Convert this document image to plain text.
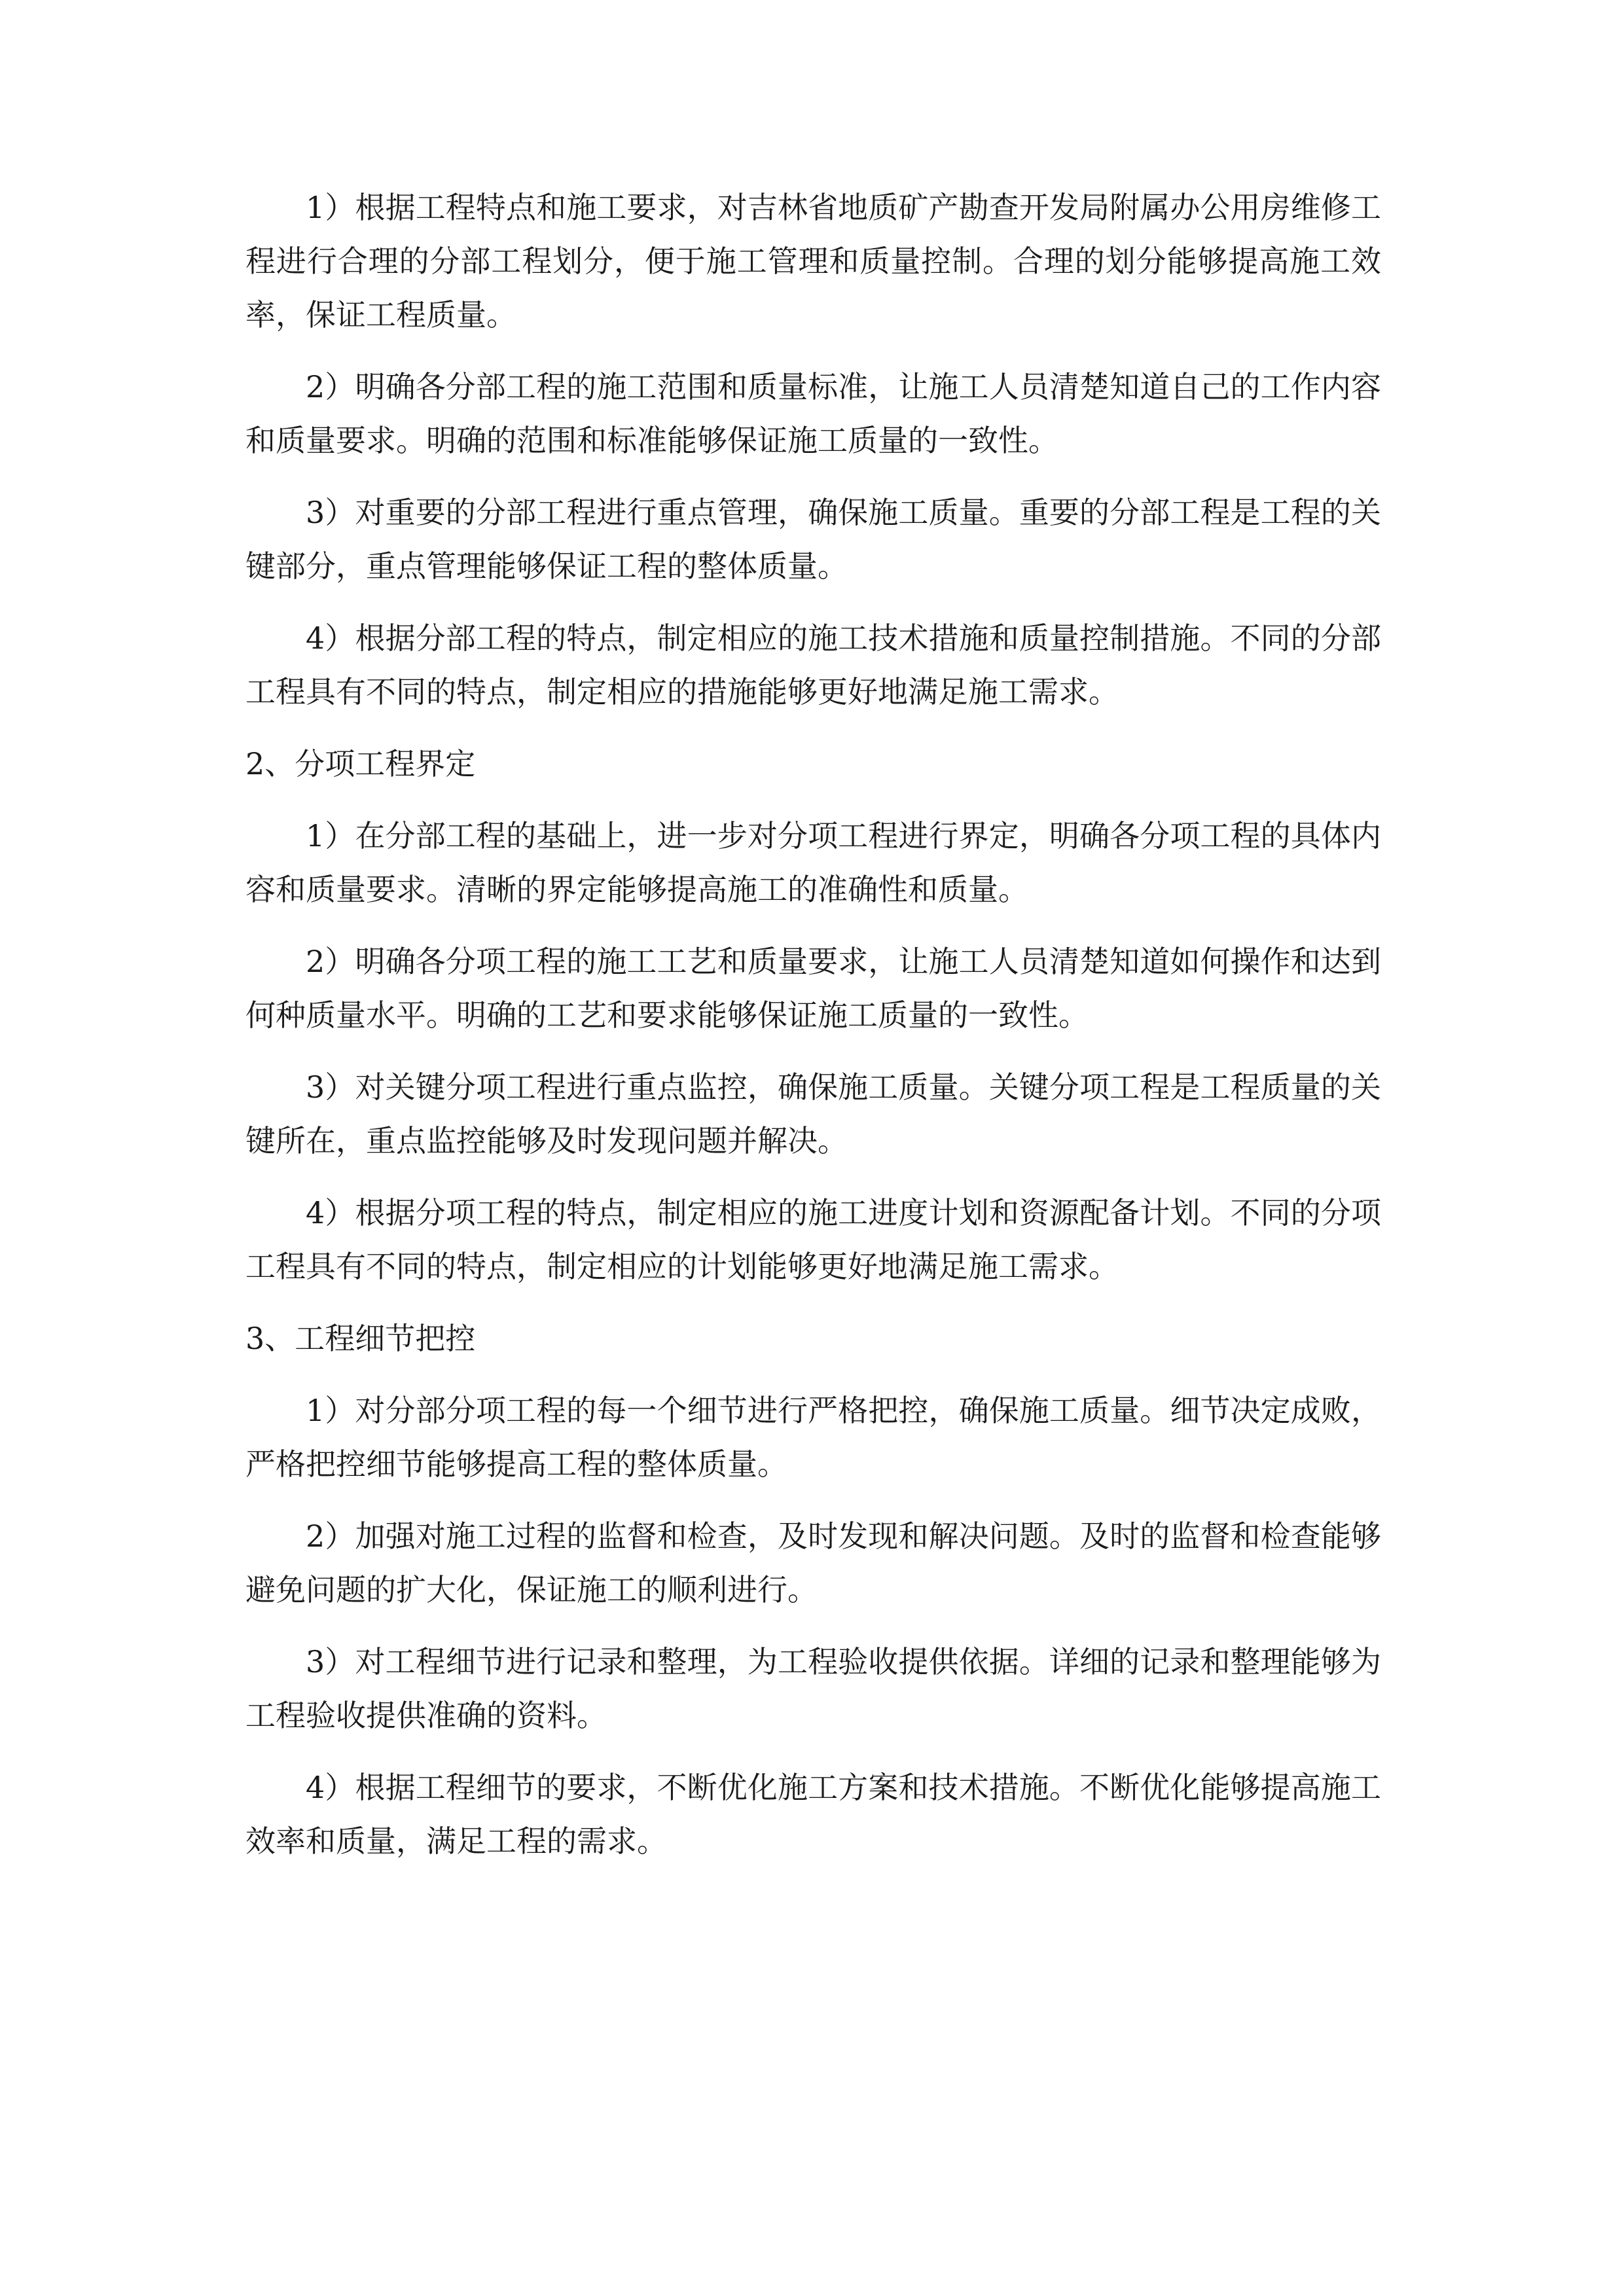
1）根据工程特点和施工要求，对吉林省地质矿产勘查开发局附属办公用房维修工程进行合理的分部工程划分，便于施工管理和质量控制。合理的划分能够提高施工效率，保证工程质量。

2）明确各分部工程的施工范围和质量标准，让施工人员清楚知道自己的工作内容和质量要求。明确的范围和标准能够保证施工质量的一致性。

3）对重要的分部工程进行重点管理，确保施工质量。重要的分部工程是工程的关键部分，重点管理能够保证工程的整体质量。

4）根据分部工程的特点，制定相应的施工技术措施和质量控制措施。不同的分部工程具有不同的特点，制定相应的措施能够更好地满足施工需求。

2、分项工程界定

1）在分部工程的基础上，进一步对分项工程进行界定，明确各分项工程的具体内容和质量要求。清晰的界定能够提高施工的准确性和质量。

2）明确各分项工程的施工工艺和质量要求，让施工人员清楚知道如何操作和达到何种质量水平。明确的工艺和要求能够保证施工质量的一致性。

3）对关键分项工程进行重点监控，确保施工质量。关键分项工程是工程质量的关键所在，重点监控能够及时发现问题并解决。

4）根据分项工程的特点，制定相应的施工进度计划和资源配备计划。不同的分项工程具有不同的特点，制定相应的计划能够更好地满足施工需求。

3、工程细节把控

1）对分部分项工程的每一个细节进行严格把控，确保施工质量。细节决定成败，严格把控细节能够提高工程的整体质量。

2）加强对施工过程的监督和检查，及时发现和解决问题。及时的监督和检查能够避免问题的扩大化，保证施工的顺利进行。

3）对工程细节进行记录和整理，为工程验收提供依据。详细的记录和整理能够为工程验收提供准确的资料。

4）根据工程细节的要求，不断优化施工方案和技术措施。不断优化能够提高施工效率和质量，满足工程的需求。
